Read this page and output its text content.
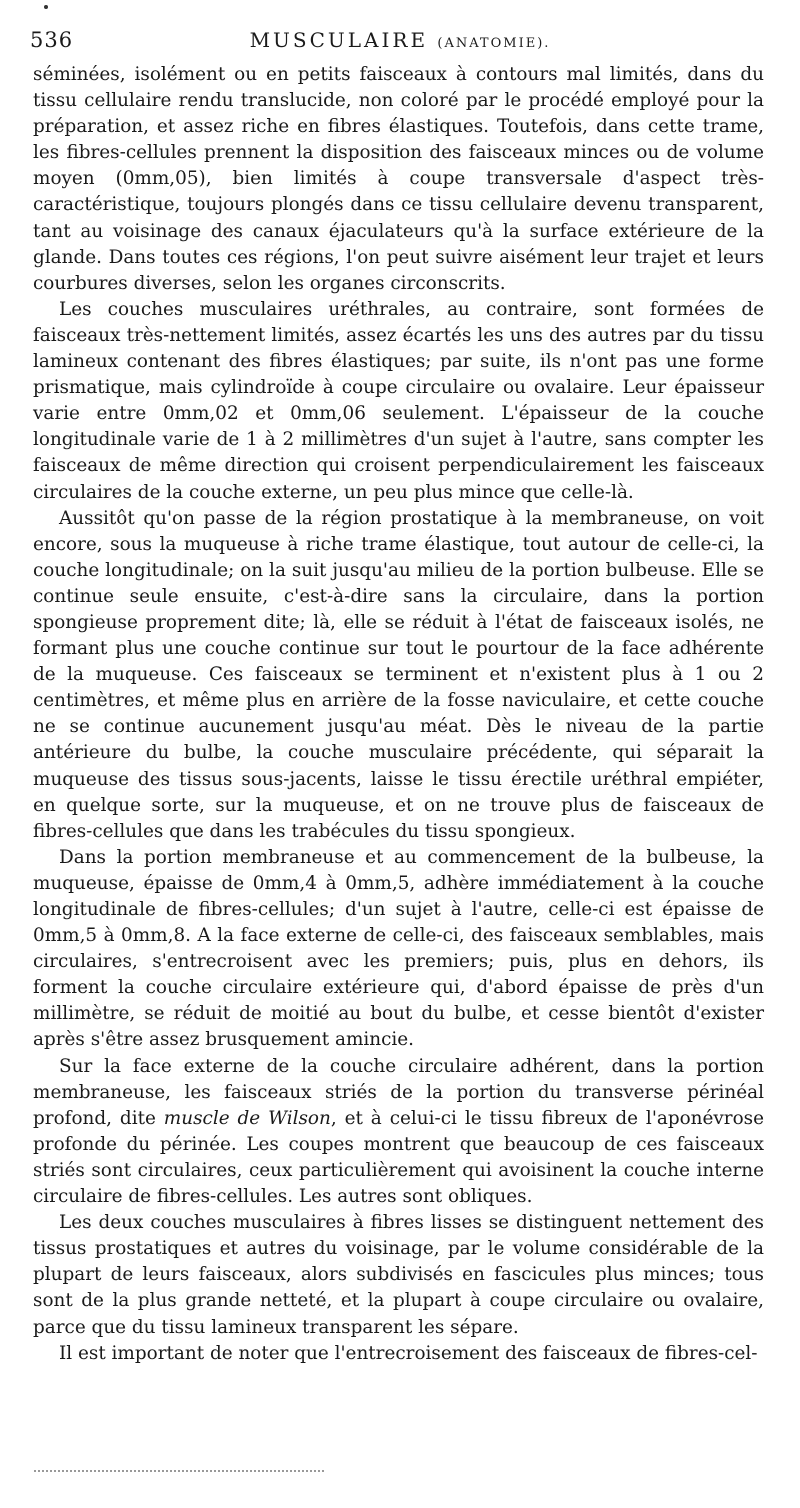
536	MUSCULAIRE (ANATOMIE).

séminées, isolément ou en petits faisceaux à contours mal limités, dans du tissu cellulaire rendu translucide, non coloré par le procédé employé pour la préparation, et assez riche en fibres élastiques. Toutefois, dans cette trame, les fibres-cellules prennent la disposition des faisceaux minces ou de volume moyen (0mm,05), bien limités à coupe transversale d'aspect très-caractéristique, toujours plongés dans ce tissu cellulaire devenu transparent, tant au voisinage des canaux éjaculateurs qu'à la surface extérieure de la glande. Dans toutes ces régions, l'on peut suivre aisément leur trajet et leurs courbures diverses, selon les organes circonscrits.

Les couches musculaires uréthrales, au contraire, sont formées de faisceaux très-nettement limités, assez écartés les uns des autres par du tissu lamineux contenant des fibres élastiques; par suite, ils n'ont pas une forme prismatique, mais cylindroïde à coupe circulaire ou ovalaire. Leur épaisseur varie entre 0mm,02 et 0mm,06 seulement. L'épaisseur de la couche longitudinale varie de 1 à 2 millimètres d'un sujet à l'autre, sans compter les faisceaux de même direction qui croisent perpendiculairement les faisceaux circulaires de la couche externe, un peu plus mince que celle-là.

Aussitôt qu'on passe de la région prostatique à la membraneuse, on voit encore, sous la muqueuse à riche trame élastique, tout autour de celle-ci, la couche longitudinale; on la suit jusqu'au milieu de la portion bulbeuse. Elle se continue seule ensuite, c'est-à-dire sans la circulaire, dans la portion spongieuse proprement dite; là, elle se réduit à l'état de faisceaux isolés, ne formant plus une couche continue sur tout le pourtour de la face adhérente de la muqueuse. Ces faisceaux se terminent et n'existent plus à 1 ou 2 centimètres, et même plus en arrière de la fosse naviculaire, et cette couche ne se continue aucunement jusqu'au méat. Dès le niveau de la partie antérieure du bulbe, la couche musculaire précédente, qui séparait la muqueuse des tissus sous-jacents, laisse le tissu érectile uréthral empiéter, en quelque sorte, sur la muqueuse, et on ne trouve plus de faisceaux de fibres-cellules que dans les trabécules du tissu spongieux.

Dans la portion membraneuse et au commencement de la bulbeuse, la muqueuse, épaisse de 0mm,4 à 0mm,5, adhère immédiatement à la couche longitudinale de fibres-cellules; d'un sujet à l'autre, celle-ci est épaisse de 0mm,5 à 0mm,8. A la face externe de celle-ci, des faisceaux semblables, mais circulaires, s'entrecroisent avec les premiers; puis, plus en dehors, ils forment la couche circulaire extérieure qui, d'abord épaisse de près d'un millimètre, se réduit de moitié au bout du bulbe, et cesse bientôt d'exister après s'être assez brusquement amincie.

Sur la face externe de la couche circulaire adhérent, dans la portion membraneuse, les faisceaux striés de la portion du transverse périnéal profond, dite muscle de Wilson, et à celui-ci le tissu fibreux de l'aponévrose profonde du périnée. Les coupes montrent que beaucoup de ces faisceaux striés sont circulaires, ceux particulièrement qui avoisinent la couche interne circulaire de fibres-cellules. Les autres sont obliques.

Les deux couches musculaires à fibres lisses se distinguent nettement des tissus prostatiques et autres du voisinage, par le volume considérable de la plupart de leurs faisceaux, alors subdivisés en fascicules plus minces; tous sont de la plus grande netteté, et la plupart à coupe circulaire ou ovalaire, parce que du tissu lamineux transparent les sépare.

Il est important de noter que l'entrecroisement des faisceaux de fibres-cel-
